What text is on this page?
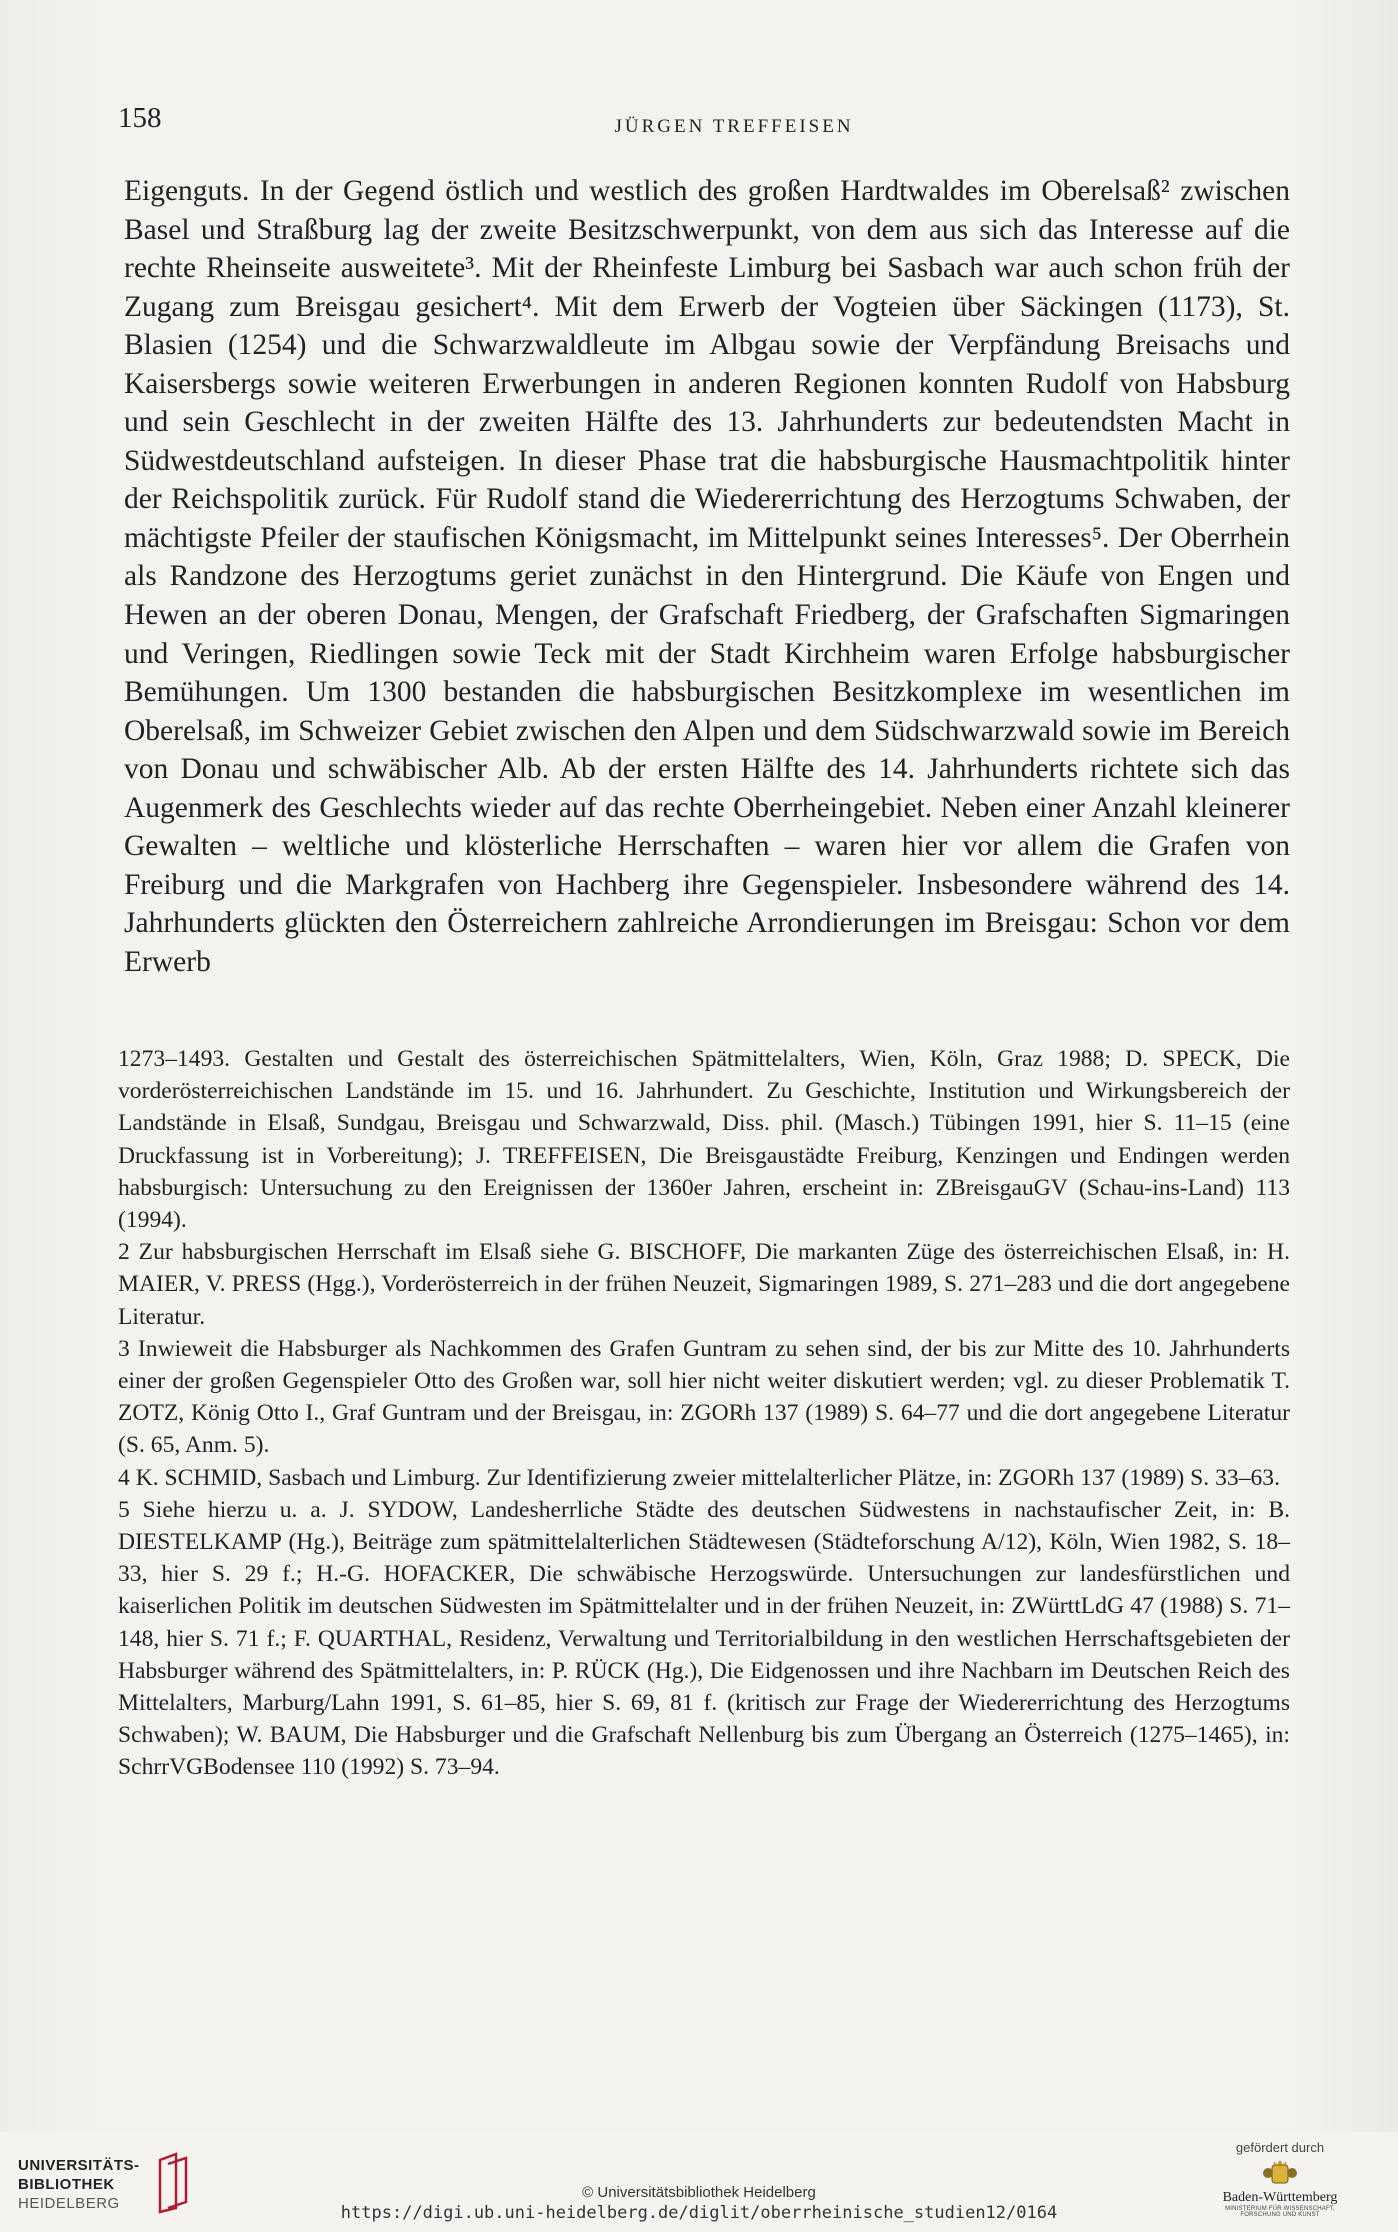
158	JÜRGEN TREFFEISEN
Eigenguts. In der Gegend östlich und westlich des großen Hardtwaldes im Oberelsaß² zwischen Basel und Straßburg lag der zweite Besitzschwerpunkt, von dem aus sich das Interesse auf die rechte Rheinseite ausweitete³. Mit der Rheinfeste Limburg bei Sasbach war auch schon früh der Zugang zum Breisgau gesichert⁴. Mit dem Erwerb der Vogteien über Säckingen (1173), St. Blasien (1254) und die Schwarzwaldleute im Albgau sowie der Verpfändung Breisachs und Kaisersbergs sowie weiteren Erwerbungen in anderen Regionen konnten Rudolf von Habsburg und sein Geschlecht in der zweiten Hälfte des 13. Jahrhunderts zur bedeutendsten Macht in Südwestdeutschland aufsteigen. In dieser Phase trat die habsburgische Hausmachtpolitik hinter der Reichspolitik zurück. Für Rudolf stand die Wiedererrichtung des Herzogtums Schwaben, der mächtigste Pfeiler der staufischen Königsmacht, im Mittelpunkt seines Interesses⁵. Der Oberrhein als Randzone des Herzogtums geriet zunächst in den Hintergrund. Die Käufe von Engen und Hewen an der oberen Donau, Mengen, der Grafschaft Friedberg, der Grafschaften Sigmaringen und Veringen, Riedlingen sowie Teck mit der Stadt Kirchheim waren Erfolge habsburgischer Bemühungen. Um 1300 bestanden die habsburgischen Besitzkomplexe im wesentlichen im Oberelsaß, im Schweizer Gebiet zwischen den Alpen und dem Südschwarzwald sowie im Bereich von Donau und schwäbischer Alb. Ab der ersten Hälfte des 14. Jahrhunderts richtete sich das Augenmerk des Geschlechts wieder auf das rechte Oberrheingebiet. Neben einer Anzahl kleinerer Gewalten – weltliche und klösterliche Herrschaften – waren hier vor allem die Grafen von Freiburg und die Markgrafen von Hachberg ihre Gegenspieler. Insbesondere während des 14. Jahrhunderts glückten den Österreichern zahlreiche Arrondierungen im Breisgau: Schon vor dem Erwerb

1273–1493. Gestalten und Gestalt des österreichischen Spätmittelalters, Wien, Köln, Graz 1988; D. SPECK, Die vorderösterreichischen Landstände im 15. und 16. Jahrhundert. Zu Geschichte, Institution und Wirkungsbereich der Landstände in Elsaß, Sundgau, Breisgau und Schwarzwald, Diss. phil. (Masch.) Tübingen 1991, hier S. 11–15 (eine Druckfassung ist in Vorbereitung); J. TREFFEISEN, Die Breisgaustädte Freiburg, Kenzingen und Endingen werden habsburgisch: Untersuchung zu den Ereignissen der 1360er Jahren, erscheint in: ZBreisgauGV (Schau-ins-Land) 113 (1994).

2 Zur habsburgischen Herrschaft im Elsaß siehe G. BISCHOFF, Die markanten Züge des österreichischen Elsaß, in: H. MAIER, V. PRESS (Hgg.), Vorderösterreich in der frühen Neuzeit, Sigmaringen 1989, S. 271–283 und die dort angegebene Literatur.

3 Inwieweit die Habsburger als Nachkommen des Grafen Guntram zu sehen sind, der bis zur Mitte des 10. Jahrhunderts einer der großen Gegenspieler Otto des Großen war, soll hier nicht weiter diskutiert werden; vgl. zu dieser Problematik T. ZOTZ, König Otto I., Graf Guntram und der Breisgau, in: ZGORh 137 (1989) S. 64–77 und die dort angegebene Literatur (S. 65, Anm. 5).

4 K. SCHMID, Sasbach und Limburg. Zur Identifizierung zweier mittelalterlicher Plätze, in: ZGORh 137 (1989) S. 33–63.

5 Siehe hierzu u. a. J. SYDOW, Landesherrliche Städte des deutschen Südwestens in nachstaufischer Zeit, in: B. DIESTELKAMP (Hg.), Beiträge zum spätmittelalterlichen Städtewesen (Städteforschung A/12), Köln, Wien 1982, S. 18–33, hier S. 29 f.; H.-G. HOFACKER, Die schwäbische Herzogswürde. Untersuchungen zur landesfürstlichen und kaiserlichen Politik im deutschen Südwesten im Spätmittelalter und in der frühen Neuzeit, in: ZWürttLdG 47 (1988) S. 71–148, hier S. 71 f.; F. QUARTHAL, Residenz, Verwaltung und Territorialbildung in den westlichen Herrschaftsgebieten der Habsburger während des Spätmittelalters, in: P. RÜCK (Hg.), Die Eidgenossen und ihre Nachbarn im Deutschen Reich des Mittelalters, Marburg/Lahn 1991, S. 61–85, hier S. 69, 81 f. (kritisch zur Frage der Wiedererrichtung des Herzogtums Schwaben); W. BAUM, Die Habsburger und die Grafschaft Nellenburg bis zum Übergang an Österreich (1275–1465), in: SchrrVGBodensee 110 (1992) S. 73–94.

UNIVERSITÄTS-
BIBLIOTHEK
HEIDELBERG
© Universitätsbibliothek Heidelberg
https://digi.ub.uni-heidelberg.de/diglit/oberrheinische_studien12/0164
gefördert durch
Baden-Württemberg
MINISTERIUM FÜR WISSENSCHAFT, FORSCHUNG UND KUNST
